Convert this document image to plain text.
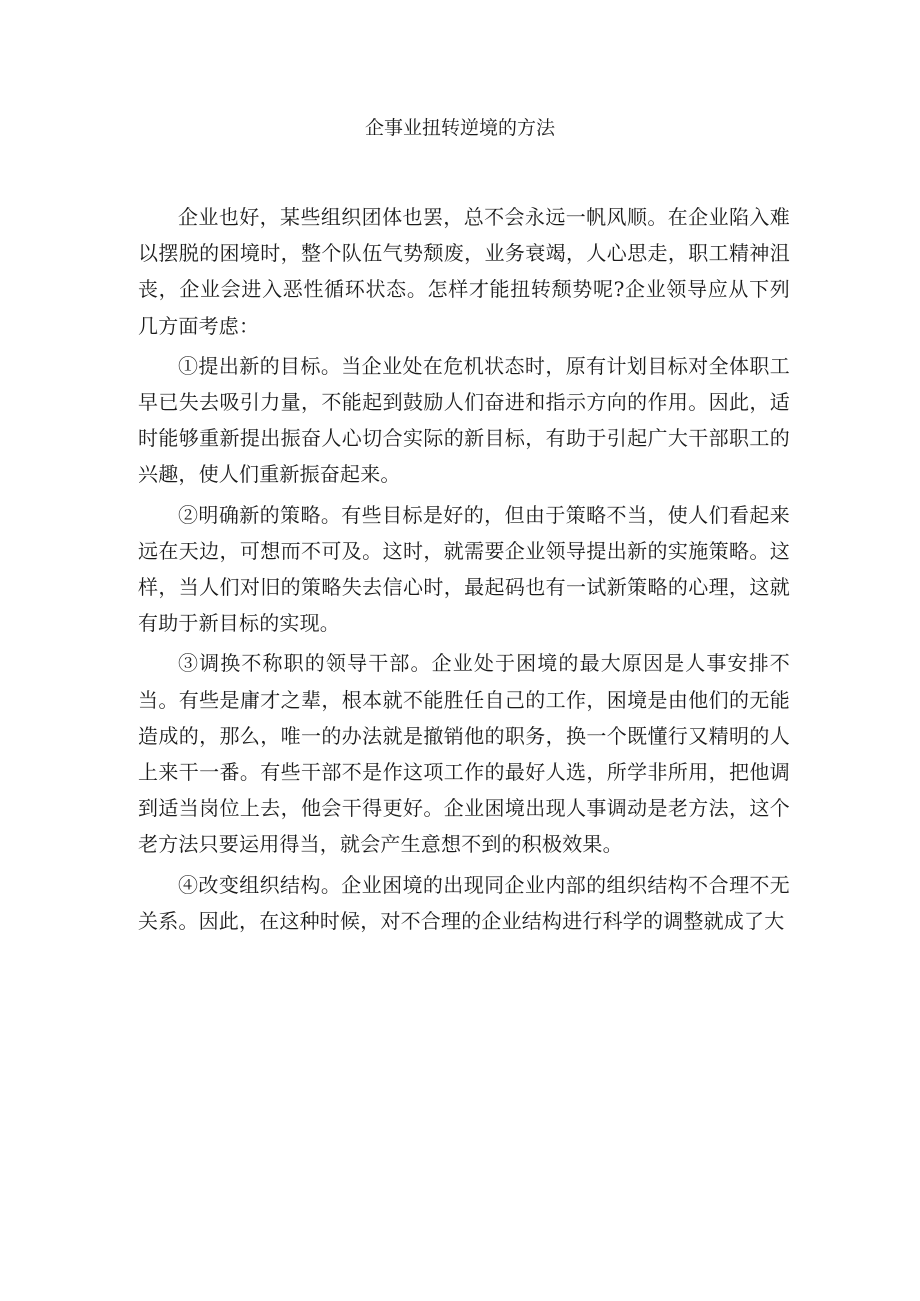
企事业扭转逆境的方法

企业也好，某些组织团体也罢，总不会永远一帆风顺。在企业陷入难以摆脱的困境时，整个队伍气势颓废，业务衰竭，人心思走，职工精神沮丧，企业会进入恶性循环状态。怎样才能扭转颓势呢?企业领导应从下列几方面考虑：

①提出新的目标。当企业处在危机状态时，原有计划目标对全体职工早已失去吸引力量，不能起到鼓励人们奋进和指示方向的作用。因此，适时能够重新提出振奋人心切合实际的新目标，有助于引起广大干部职工的兴趣，使人们重新振奋起来。

②明确新的策略。有些目标是好的，但由于策略不当，使人们看起来远在天边，可想而不可及。这时，就需要企业领导提出新的实施策略。这样，当人们对旧的策略失去信心时，最起码也有一试新策略的心理，这就有助于新目标的实现。

③调换不称职的领导干部。企业处于困境的最大原因是人事安排不当。有些是庸才之辈，根本就不能胜任自己的工作，困境是由他们的无能造成的，那么，唯一的办法就是撤销他的职务，换一个既懂行又精明的人上来干一番。有些干部不是作这项工作的最好人选，所学非所用，把他调到适当岗位上去，他会干得更好。企业困境出现人事调动是老方法，这个老方法只要运用得当，就会产生意想不到的积极效果。

④改变组织结构。企业困境的出现同企业内部的组织结构不合理不无关系。因此，在这种时候，对不合理的企业结构进行科学的调整就成了大
